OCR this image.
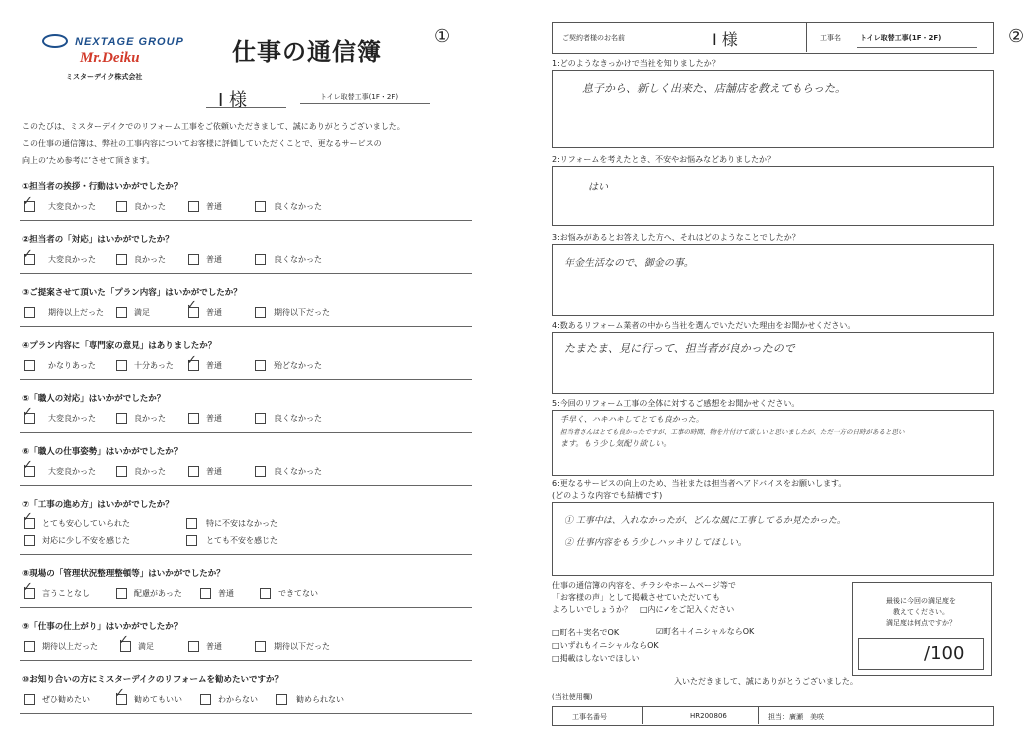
NEXTAGE GROUP
Mr.Deiku
ミスターデイク株式会社
仕事の通信簿
①
I 様	トイレ取替工事(1F・2F)
このたびは、ミスターデイクでのリフォーム工事をご依頼いただきまして、誠にありがとうございました。
この仕事の通信簿は、弊社の工事内容についてお客様に評価していただくことで、更なるサービスの
向上の‘ため参考に’させて頂きます。
①担当者の挨拶・行動はいかがでしたか？
✓ 大変良かった	良かった	普通	良くなかった
②担当者の「対応」はいかがでしたか？
✓ 大変良かった	良かった	普通	良くなかった
③ご提案させて頂いた「プラン内容」はいかがでしたか？
期待以上だった	満足	✓ 普通	期待以下だった
④プラン内容に「専門家の意見」はありましたか？
かなりあった	十分あった ✓ 普通	殆どなかった
⑤「職人の対応」はいかがでしたか？
✓ 大変良かった	良かった	普通	良くなかった
⑥「職人の仕事姿勢」はいかがでしたか？
✓ 大変良かった	良かった	普通	良くなかった
⑦「工事の進め方」はいかがでしたか？
✓ とても安心していられた	特に不安はなかった
対応に少し不安を感じた	とても不安を感じた
⑧現場の「管理状況整理整頓等」はいかがでしたか？
✓ 言うことなし	配慮があった	普通	できてない
⑨「仕事の仕上がり」はいかがでしたか？
期待以上だった ✓ 満足	普通	期待以下だった
⑩お知り合いの方にミスターデイクのリフォームを勧めたいですか？
ぜひ勧めたい ✓ 勧めてもいい	わからない	勧められない
②
ご契約者様のお名前	I 様	工事名	トイレ取替工事(1F・2F)
1:どのようなきっかけで当社を知りましたか？
息子から、新しく出来た、店舗店を教えてもらった。
2:リフォームを考えたとき、不安やお悩みなどありましたか？
はい
3:お悩みがあるとお答えした方へ、それはどのようなことでしたか？
年金生活なので、御金の事。
4:数あるリフォーム業者の中から当社を選んでいただいた理由をお聞かせください。
たまたま、見に行って、担当者が良かったので
5:今回のリフォーム工事の全体に対するご感想をお聞かせください。
手早く、ハキハキしてとても良かった。
担当者さんはとても良かったですが、工事の時間、物を片付けて欲しいと思いましたが、ただ一方の日時があると思い
ます。もう少し気配り欲しい。
6:更なるサービスの向上のため、当社または担当者へアドバイスをお願いします。
(どのような内容でも結構です)
① 工事中は、入れなかったが、どんな風に工事してるか見たかった。
② 仕事内容をもう少しハッキリしてほしい。
仕事の通信簿の内容を、チラシやホームページ等で
「お客様の声」として掲載させていただいても
よろしいでしょうか？　□内に✓をご記入ください
□町名＋実名でOK
□いずれもイニシャルならOK
□掲載はしないでほしい
☑町名＋イニシャルならOK
最後に今回の満足度を
教えてください。
満足度は何点ですか？
/100
入いただきまして、誠にありがとうございました。
(当社使用欄)
工事名番号	HR200806	担当：廣瀬　美咲
